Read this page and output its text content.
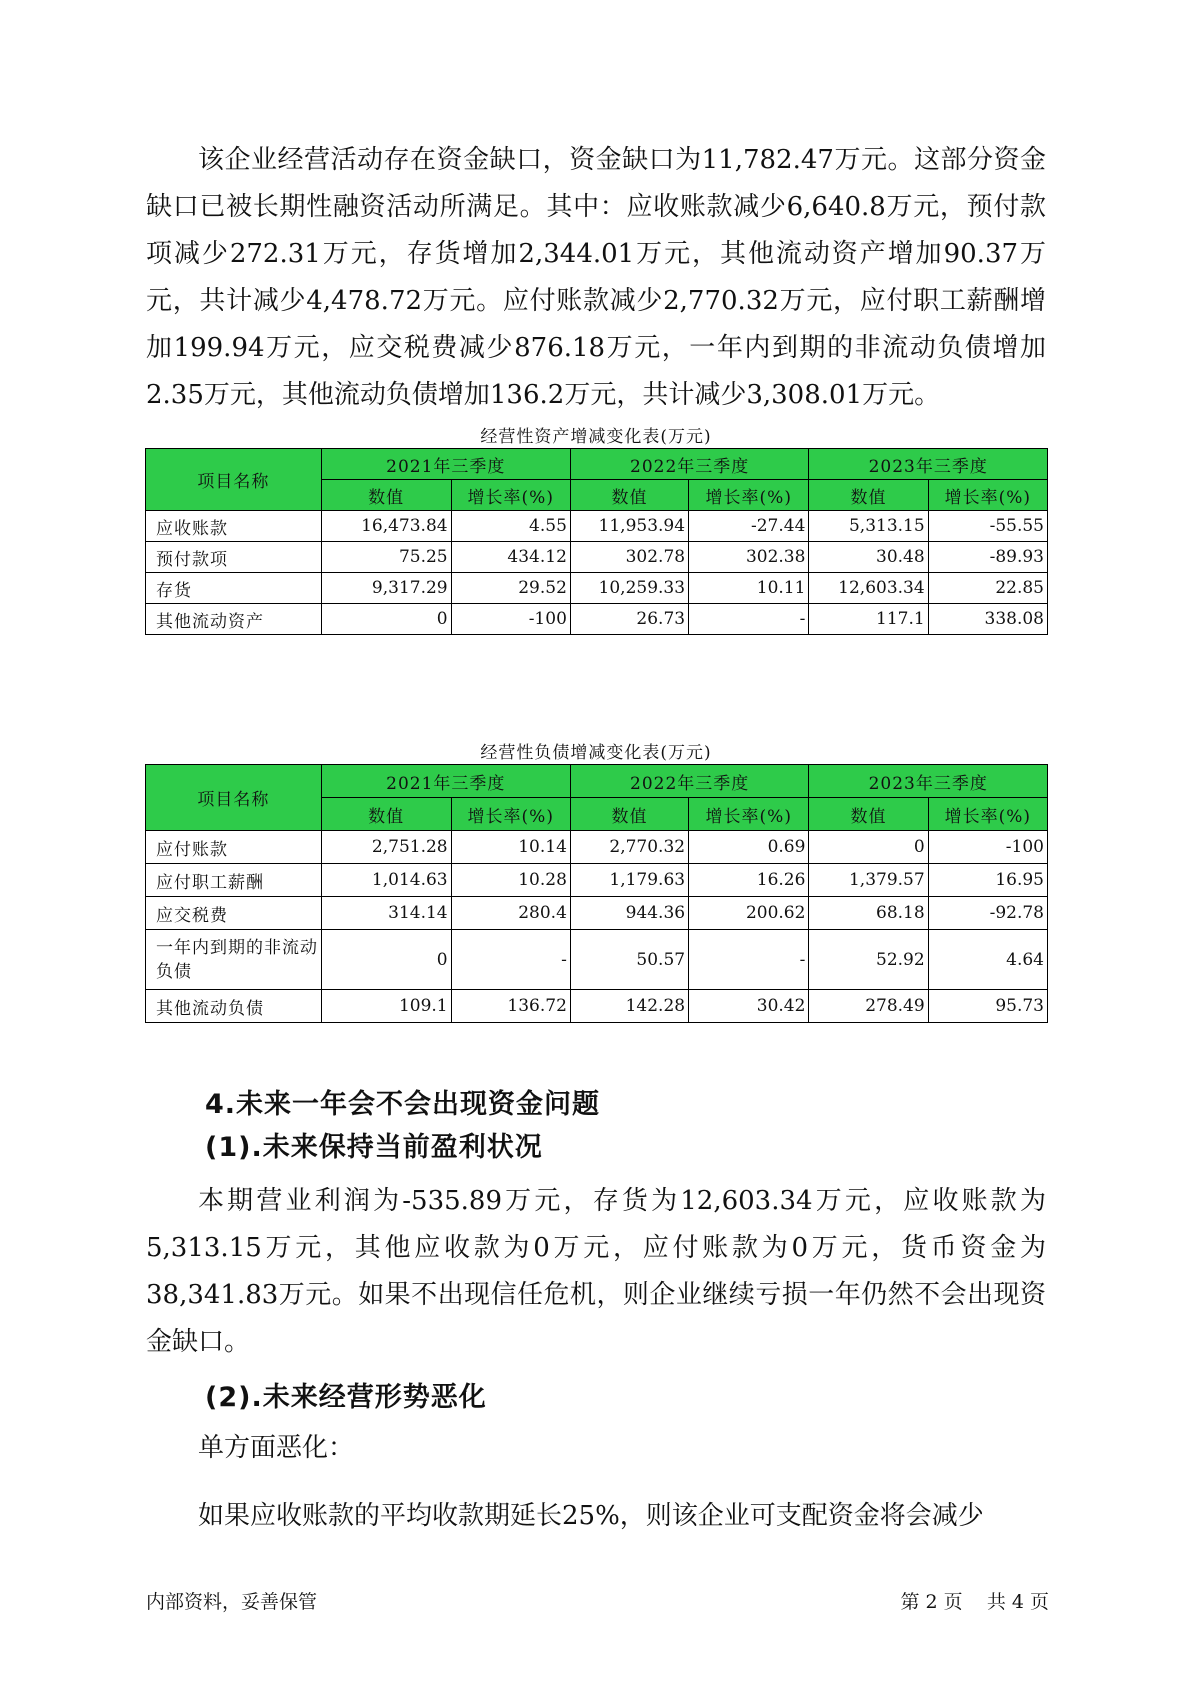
该企业经营活动存在资金缺口，资金缺口为11,782.47万元。这部分资金缺口已被长期性融资活动所满足。其中：应收账款减少6,640.8万元，预付款项减少272.31万元，存货增加2,344.01万元，其他流动资产增加90.37万元，共计减少4,478.72万元。应付账款减少2,770.32万元，应付职工薪酬增加199.94万元，应交税费减少876.18万元，一年内到期的非流动负债增加2.35万元，其他流动负债增加136.2万元，共计减少3,308.01万元。
经营性资产增减变化表(万元)
项目名称	2021年三季度		2022年三季度		2023年三季度	
	数值	增长率(%)	数值	增长率(%)	数值	增长率(%)
应收账款	16,473.84	4.55	11,953.94	-27.44	5,313.15	-55.55
预付款项	75.25	434.12	302.78	302.38	30.48	-89.93
存货	9,317.29	29.52	10,259.33	10.11	12,603.34	22.85
其他流动资产	0	-100	26.73	-	117.1	338.08
经营性负债增减变化表(万元)
项目名称	2021年三季度		2022年三季度		2023年三季度	
	数值	增长率(%)	数值	增长率(%)	数值	增长率(%)
应付账款	2,751.28	10.14	2,770.32	0.69	0	-100
应付职工薪酬	1,014.63	10.28	1,179.63	16.26	1,379.57	16.95
应交税费	314.14	280.4	944.36	200.62	68.18	-92.78
一年内到期的非流动负债	0	-	50.57	-	52.92	4.64
其他流动负债	109.1	136.72	142.28	30.42	278.49	95.73
4.未来一年会不会出现资金问题
(1).未来保持当前盈利状况
本期营业利润为-535.89万元，存货为12,603.34万元，应收账款为5,313.15万元，其他应收款为0万元，应付账款为0万元，货币资金为38,341.83万元。如果不出现信任危机，则企业继续亏损一年仍然不会出现资金缺口。
(2).未来经营形势恶化
单方面恶化：
如果应收账款的平均收款期延长25%，则该企业可支配资金将会减少
内部资料，妥善保管	第 2 页    共 4 页
